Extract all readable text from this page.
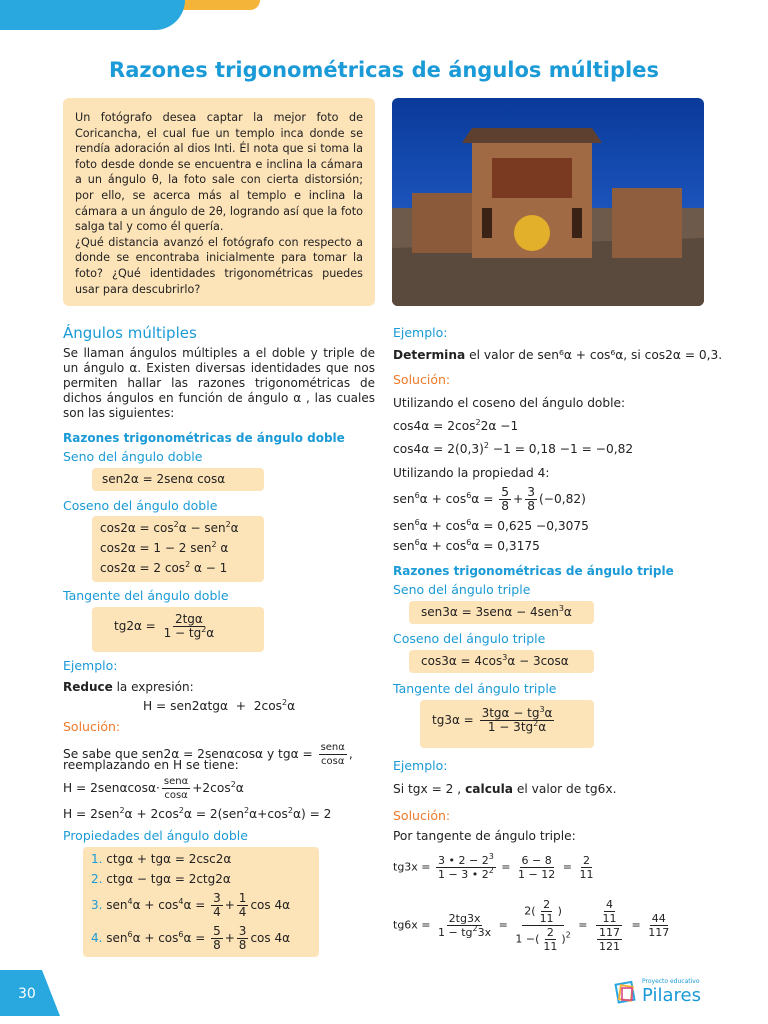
Razones trigonométricas de ángulos múltiples

Un fotógrafo desea captar la mejor foto de Coricancha, el cual fue un templo inca donde se rendía adoración al dios Inti. Él nota que si toma la foto desde donde se encuentra e inclina la cámara a un ángulo θ, la foto sale con cierta distorsión; por ello, se acerca más al templo e inclina la cámara a un ángulo de 2θ, logrando así que la foto salga tal y como él quería.

¿Qué distancia avanzó el fotógrafo con respecto a donde se encontraba inicialmente para tomar la foto? ¿Qué identidades trigonométricas puedes usar para descubrirlo?

Ángulos múltiples
Se llaman ángulos múltiples a el doble y triple de un ángulo α. Existen diversas identidades que nos permiten hallar las razones trigonométricas de dichos ángulos en función de ángulo α , las cuales son las siguientes:
Razones trigonométricas de ángulo doble
Seno del ángulo doble
sen2α = 2senα cosα
Coseno del ángulo doble
$\cos 2\alpha = \cos^2\alpha - sen^2\alpha$
cos2α = 1 − 2 sen$^2$ α
cos2α = 2 $\cos^2 \alpha - 1$
Tangente del ángulo doble
$tg2\alpha = \frac{\text{2tgα}}{1 - tg^2\alpha}$
Ejemplo:
Reduce la expresión:
$H = sen2\alpha tg\alpha + 2\cos^2\alpha$
Solución:
Se sabe que sen2α = 2senαcosα y $tg\alpha = \frac{\text{senα}}{\cos\alpha}$ ,
reemplazando en H se tiene:
$H = 2sen\alpha\cos\alpha\cdot \frac{\text{senα}}{\cos\alpha} +2\cos^2\alpha$
$H = 2sen^2\alpha + 2\cos^2\alpha = 2(sen^2\alpha+\cos^2\alpha) = 2$
Propiedades del ángulo doble
1. ctgα + tgα = 2csc2α
2. ctgα − tgα = 2ctg2α
3. $sen^4\alpha + \cos^4\alpha = \frac{3}{4} + \frac{1}{4}$ cos 4α
4. $sen^6\alpha + \cos^6\alpha = \frac{5}{8} + \frac{3}{8}$ cos 4α
Ejemplo:
Determina el valor de sen⁶α + cos⁶α, si cos2α = 0,3.
Solución:
Utilizando el coseno del ángulo doble:
$\cos 4\alpha = 2\cos^22\alpha -1$
$\cos 4\alpha = 2(0,3)^2 -1 = 0,18 -1 = -0,82$
Utilizando la propiedad 4:
$sen^6\alpha + \cos^6\alpha = \frac{5}{8} + \frac{3}{8} (-0,82)$
$sen^6\alpha + \cos^6\alpha = 0,625 -0,3075$
$sen^6\alpha + \cos^6\alpha = 0,3175$
Razones trigonométricas de ángulo triple
Seno del ángulo triple
sen3α = 3senα − 4sen$^3$α
Coseno del ángulo triple
$\cos 3\alpha = 4\cos^3\alpha - 3\cos\alpha$
Tangente del ángulo triple
$tg3\alpha = \frac{3tg\alpha - tg^3\alpha}{1 - 3tg^2\alpha}$
Ejemplo:
Si tgx = 2 , calcula el valor de tg6x.
Solución:
Por tangente de ángulo triple:
$tg3x = \frac{3 • 2 - 2^3}{1 - 3 • 2^2} = \frac{6 - 8}{1 - 12} = \frac{2}{11}$
$tg6x = \frac{2tg3x}{1 - tg^23x} = \frac{2( \frac{2}{11} )}{1 -( \frac{2}{11} )^2} = \frac{\frac{4}{11}}{\frac{117}{121}} = \frac{44}{117}$
30
Proyecto educativo
Pilares
